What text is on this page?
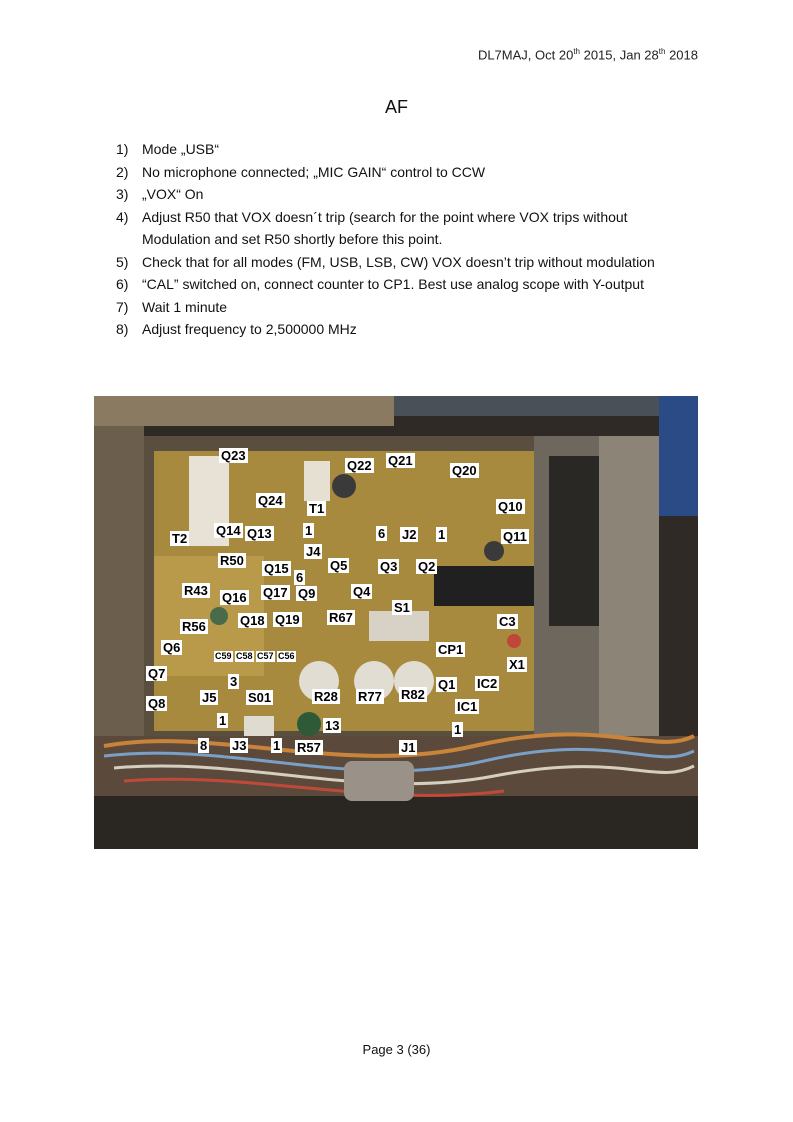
DL7MAJ, Oct 20th 2015, Jan 28th 2018
AF
1) Mode „USB“
2) No microphone connected; „MIC GAIN“ control to CCW
3) „VOX“ On
4) Adjust R50 that VOX doesn´t trip (search for the point where VOX trips without Modulation and set R50 shortly before this point.
5) Check that for all modes (FM, USB, LSB, CW) VOX doesn’t trip without modulation
6) “CAL” switched on, connect counter to CP1. Best use analog scope with Y-output
7) Wait 1 minute
8) Adjust frequency to 2,500000 MHz
Q23
Q22 Q21
Q20
Q24
T1	Q10
T2
Q14 Q13	1	6 J2 1	Q11
J4
R50
Q15	Q5	Q3 Q2
6
R43 Q16 Q17 Q9	Q4
S1
R67
R56	Q18 Q19	C3
Q6
C59 C58 C57 C56	CP1
X1
Q7
3
J5 S01	R28 R77 R82
Q1 IC2
Q8	IC1
1	13	1
8 J3 1 R57	J1
Page 3 (36)
